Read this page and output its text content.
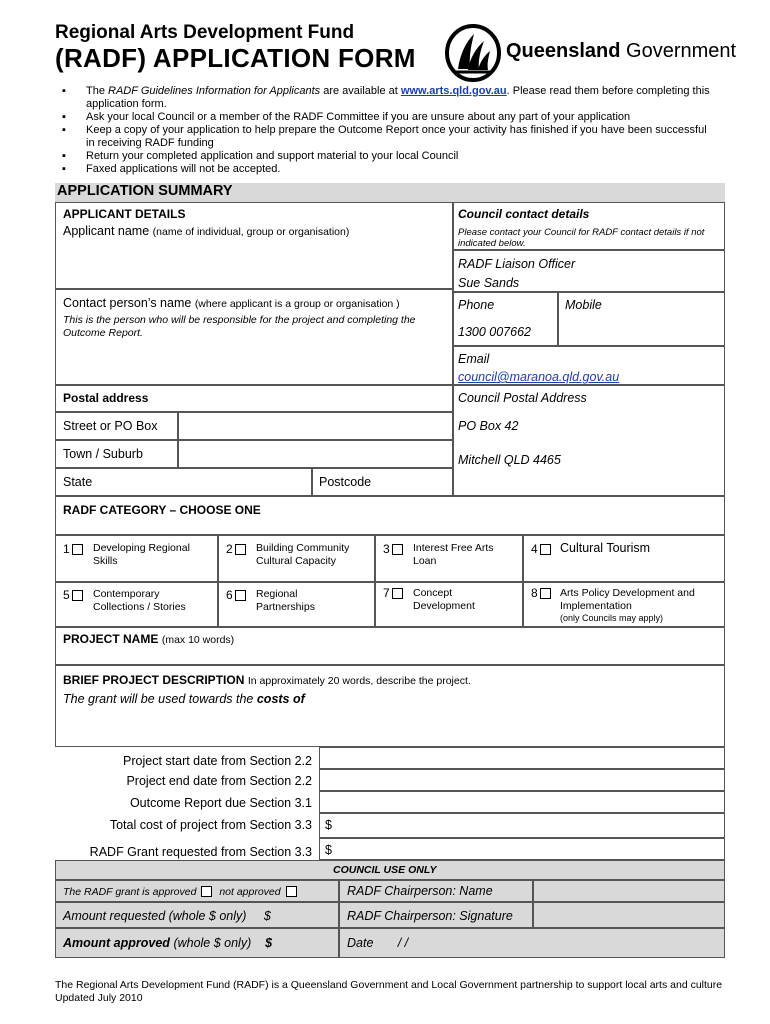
Regional Arts Development Fund
(RADF) APPLICATION FORM	Queensland Government
▪ The RADF Guidelines Information for Applicants are available at www.arts.qld.gov.au. Please read them before completing this application form.
▪ Ask your local Council or a member of the RADF Committee if you are unsure about any part of your application
▪ Keep a copy of your application to help prepare the Outcome Report once your activity has finished if you have been successful in receiving RADF funding
▪ Return your completed application and support material to your local Council
▪ Faxed applications will not be accepted.
APPLICATION SUMMARY
APPLICANT DETAILS
Applicant name (name of individual, group or organisation)
Contact person’s name (where applicant is a group or organisation )
This is the person who will be responsible for the project and completing the Outcome Report.
Postal address
Street or PO Box
Town / Suburb
State	Postcode
Council contact details
Please contact your Council for RADF contact details if not indicated below.
RADF Liaison Officer
Sue Sands
Phone
1300 007662
Mobile
Email
council@maranoa.qld.gov.au
Council Postal Address
PO Box 42
Mitchell QLD 4465
RADF CATEGORY – CHOOSE ONE
1	Developing Regional
Skills
2	Building Community
Cultural Capacity
3	Interest Free Arts
Loan
4	Cultural Tourism
5	Contemporary
Collections / Stories
6	Regional
Partnerships
7	Concept
Development
8	Arts Policy Development and
Implementation
(only Councils may apply)
PROJECT NAME (max 10 words)
BRIEF PROJECT DESCRIPTION In approximately 20 words, describe the project.
The grant will be used towards the costs of
Project start date from Section 2.2
Project end date from Section 2.2
Outcome Report due Section 3.1
Total cost of project from Section 3.3 $
RADF Grant requested from Section 3.3 $
COUNCIL USE ONLY
The RADF grant is approved not approved	RADF Chairperson: Name
Amount requested (whole $ only) $	RADF Chairperson: Signature
Amount approved (whole $ only) $	Date / /
The Regional Arts Development Fund (RADF) is a Queensland Government and Local Government partnership to support local arts and culture
Updated July 2010
